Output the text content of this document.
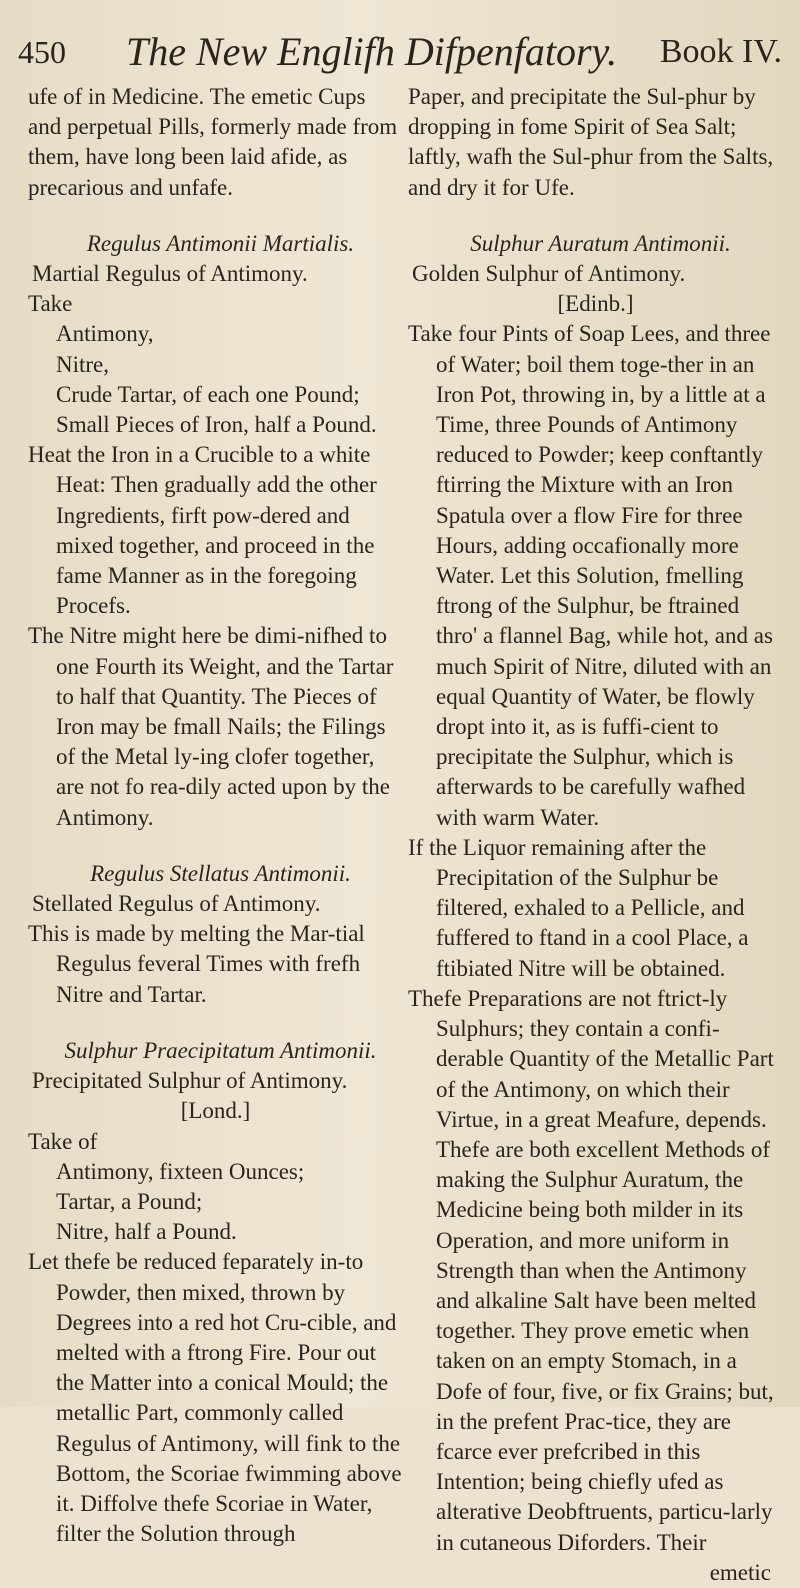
450 The New Englifh Difpenfatory. Book IV.

ufe of in Medicine. The emetic Cups and perpetual Pills, formerly made from them, have long been laid afide, as precarious and unfafe.

Regulus Antimonii Martialis.

Martial Regulus of Antimony.

Take

Antimony,

Nitre,

Crude Tartar, of each one Pound;

Small Pieces of Iron, half a Pound.

Heat the Iron in a Crucible to a white Heat: Then gradually add the other Ingredients, firft pow-dered and mixed together, and proceed in the fame Manner as in the foregoing Procefs.

The Nitre might here be dimi-nifhed to one Fourth its Weight, and the Tartar to half that Quantity. The Pieces of Iron may be fmall Nails; the Filings of the Metal ly-ing clofer together, are not fo rea-dily acted upon by the Antimony.

Regulus Stellatus Antimonii.

Stellated Regulus of Antimony.

This is made by melting the Mar-tial Regulus feveral Times with frefh Nitre and Tartar.

Sulphur Praecipitatum Antimonii.

Precipitated Sulphur of Antimony.

[Lond.]

Take of

Antimony, fixteen Ounces;

Tartar, a Pound;

Nitre, half a Pound.

Let thefe be reduced feparately in-to Powder, then mixed, thrown by Degrees into a red hot Cru-cible, and melted with a ftrong Fire. Pour out the Matter into a conical Mould; the metallic Part, commonly called Regulus of Antimony, will fink to the Bottom, the Scoriae fwimming above it. Diffolve thefe Scoriae in Water, filter the Solution through

Paper, and precipitate the Sul-phur by dropping in fome Spirit of Sea Salt; laftly, wafh the Sul-phur from the Salts, and dry it for Ufe.

Sulphur Auratum Antimonii.

Golden Sulphur of Antimony.

[Edinb.]

Take four Pints of Soap Lees, and three of Water; boil them toge-ther in an Iron Pot, throwing in, by a little at a Time, three Pounds of Antimony reduced to Powder; keep conftantly ftirring the Mixture with an Iron Spatula over a flow Fire for three Hours, adding occafionally more Water. Let this Solution, fmelling ftrong of the Sulphur, be ftrained thro' a flannel Bag, while hot, and as much Spirit of Nitre, diluted with an equal Quantity of Water, be flowly dropt into it, as is fuffi-cient to precipitate the Sulphur, which is afterwards to be carefully wafhed with warm Water.

If the Liquor remaining after the Precipitation of the Sulphur be filtered, exhaled to a Pellicle, and fuffered to ftand in a cool Place, a ftibiated Nitre will be obtained.

Thefe Preparations are not ftrict-ly Sulphurs; they contain a confi-derable Quantity of the Metallic Part of the Antimony, on which their Virtue, in a great Meafure, depends. Thefe are both excellent Methods of making the Sulphur Auratum, the Medicine being both milder in its Operation, and more uniform in Strength than when the Antimony and alkaline Salt have been melted together. They prove emetic when taken on an empty Stomach, in a Dofe of four, five, or fix Grains; but, in the prefent Prac-tice, they are fcarce ever prefcribed in this Intention; being chiefly ufed as alterative Deobftruents, particu-larly in cutaneous Diforders. Their

emetic
